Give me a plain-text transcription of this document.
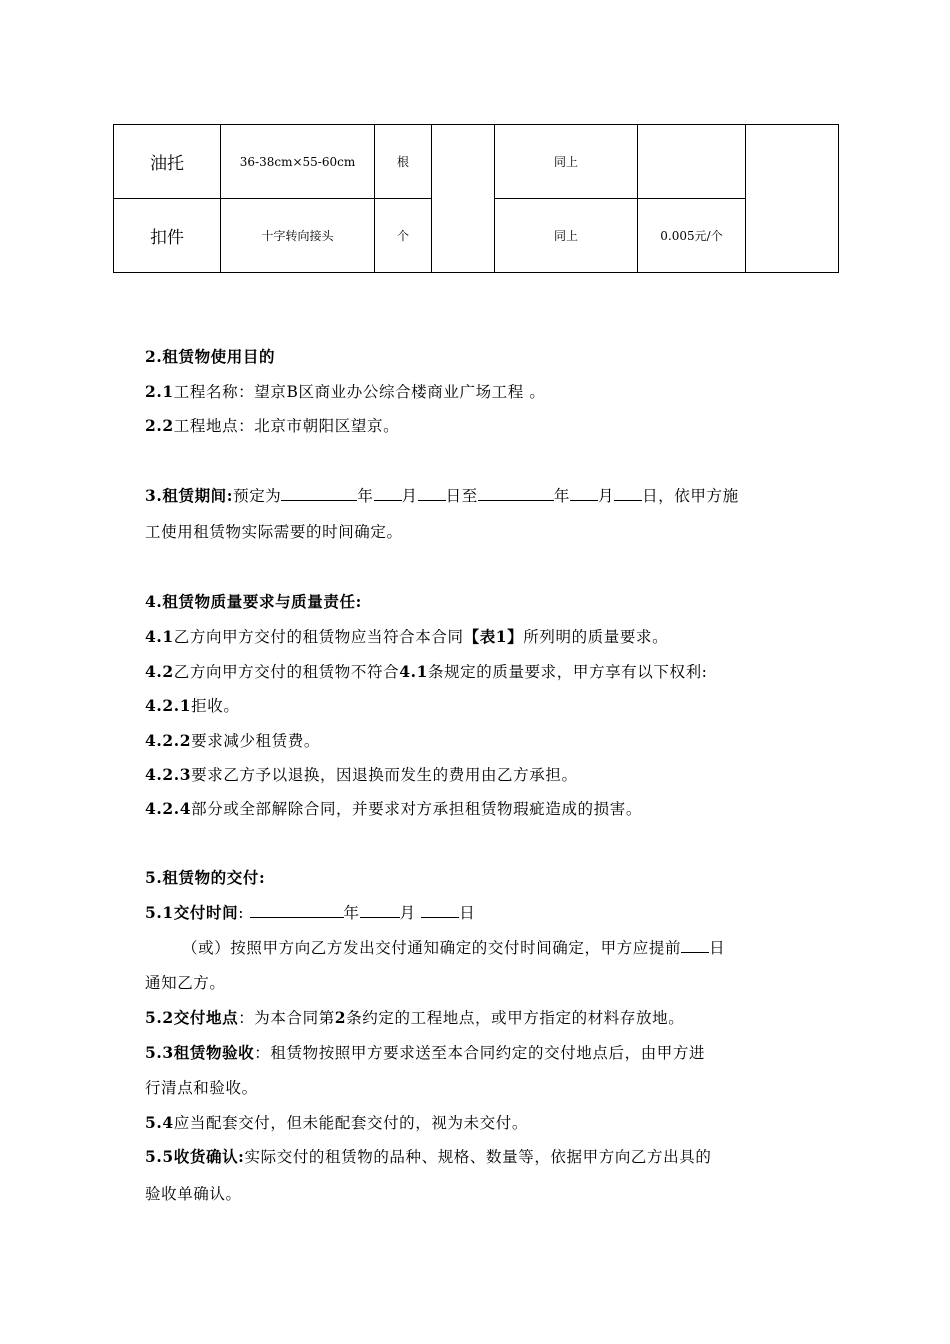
油托	36-38cm×55-60cm	根		同上		
扣件	十字转向接头	个		同上	0.005元/个	
2.租赁物使用目的
2.1工程名称：望京B区商业办公综合楼商业广场工程 。
2.2工程地点：北京市朝阳区望京。
3.租赁期间:预定为	年 月 日至	年 月 日，依甲方施
工使用租赁物实际需要的时间确定。
4.租赁物质量要求与质量责任:
4.1乙方向甲方交付的租赁物应当符合本合同【表1】所列明的质量要求。
4.2乙方向甲方交付的租赁物不符合4.1条规定的质量要求，甲方享有以下权利:
4.2.1拒收。
4.2.2要求减少租赁费。
4.2.3要求乙方予以退换，因退换而发生的费用由乙方承担。
4.2.4部分或全部解除合同，并要求对方承担租赁物瑕疵造成的损害。
5.租赁物的交付:
5.1交付时间:	年	月	日
（或）按照甲方向乙方发出交付通知确定的交付时间确定，甲方应提前 日
通知乙方。
5.2交付地点：为本合同第2条约定的工程地点，或甲方指定的材料存放地。
5.3租赁物验收：租赁物按照甲方要求送至本合同约定的交付地点后，由甲方进
行清点和验收。
5.4应当配套交付，但未能配套交付的，视为未交付。
5.5收货确认:实际交付的租赁物的品种、规格、数量等，依据甲方向乙方出具的
验收单确认。
